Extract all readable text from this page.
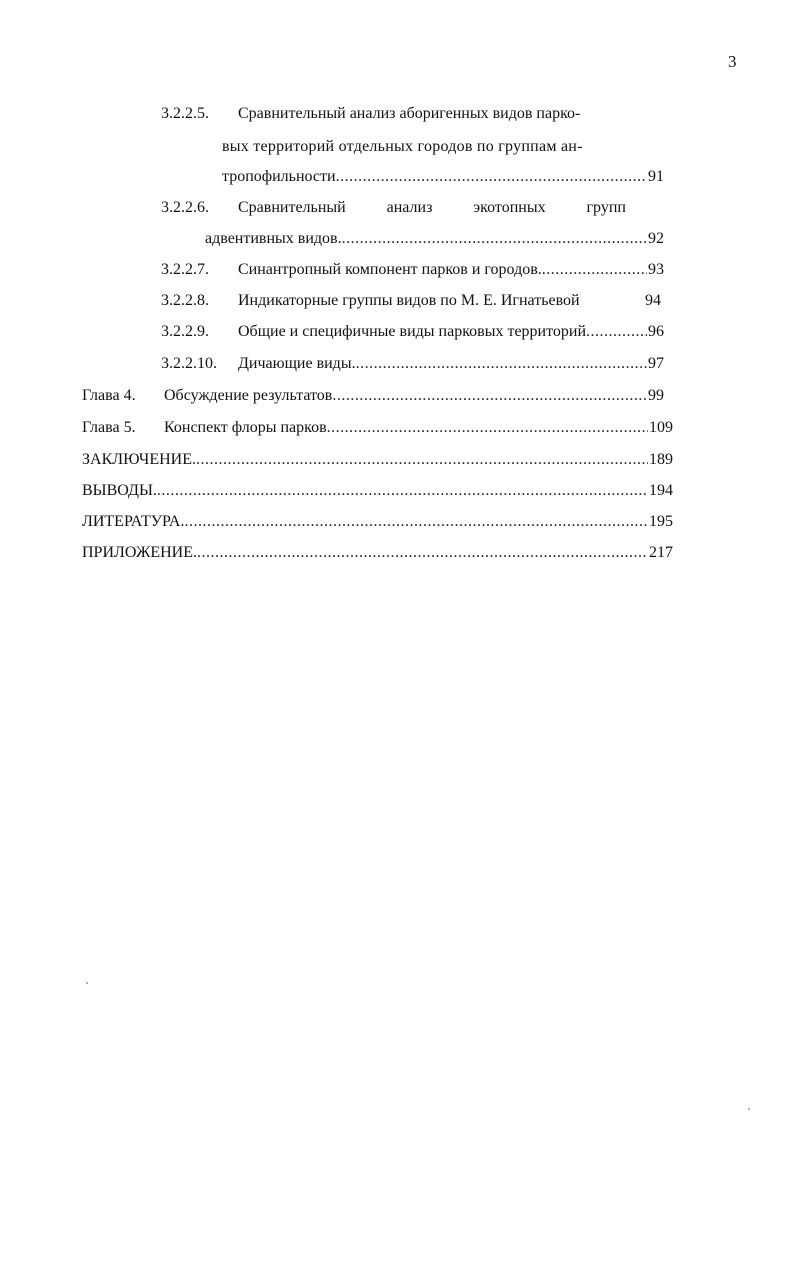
3
3.2.2.5. Сравнительный анализ аборигенных видов парко-
вых территорий отдельных городов по группам ан-
тропофильности .....	91
3.2.2.6. Сравнительный	анализ	экотопных	групп
адвентивных видов. .....	92
3.2.2.7. Синантропный компонент парков и городов. .....	93
3.2.2.8. Индикаторные группы видов по М. Е. Игнатьевой	94
3.2.2.9. Общие и специфичные виды парковых территорий .....	96
3.2.2.10. Дичающие виды. .....	97
Глава 4. Обсуждение результатов .....	99
Глава 5. Конспект флоры парков .....	109
ЗАКЛЮЧЕНИЕ. .....	189
ВЫВОДЫ. .....	194
ЛИТЕРАТУРА. .....	195
ПРИЛОЖЕНИЕ. .....	217
